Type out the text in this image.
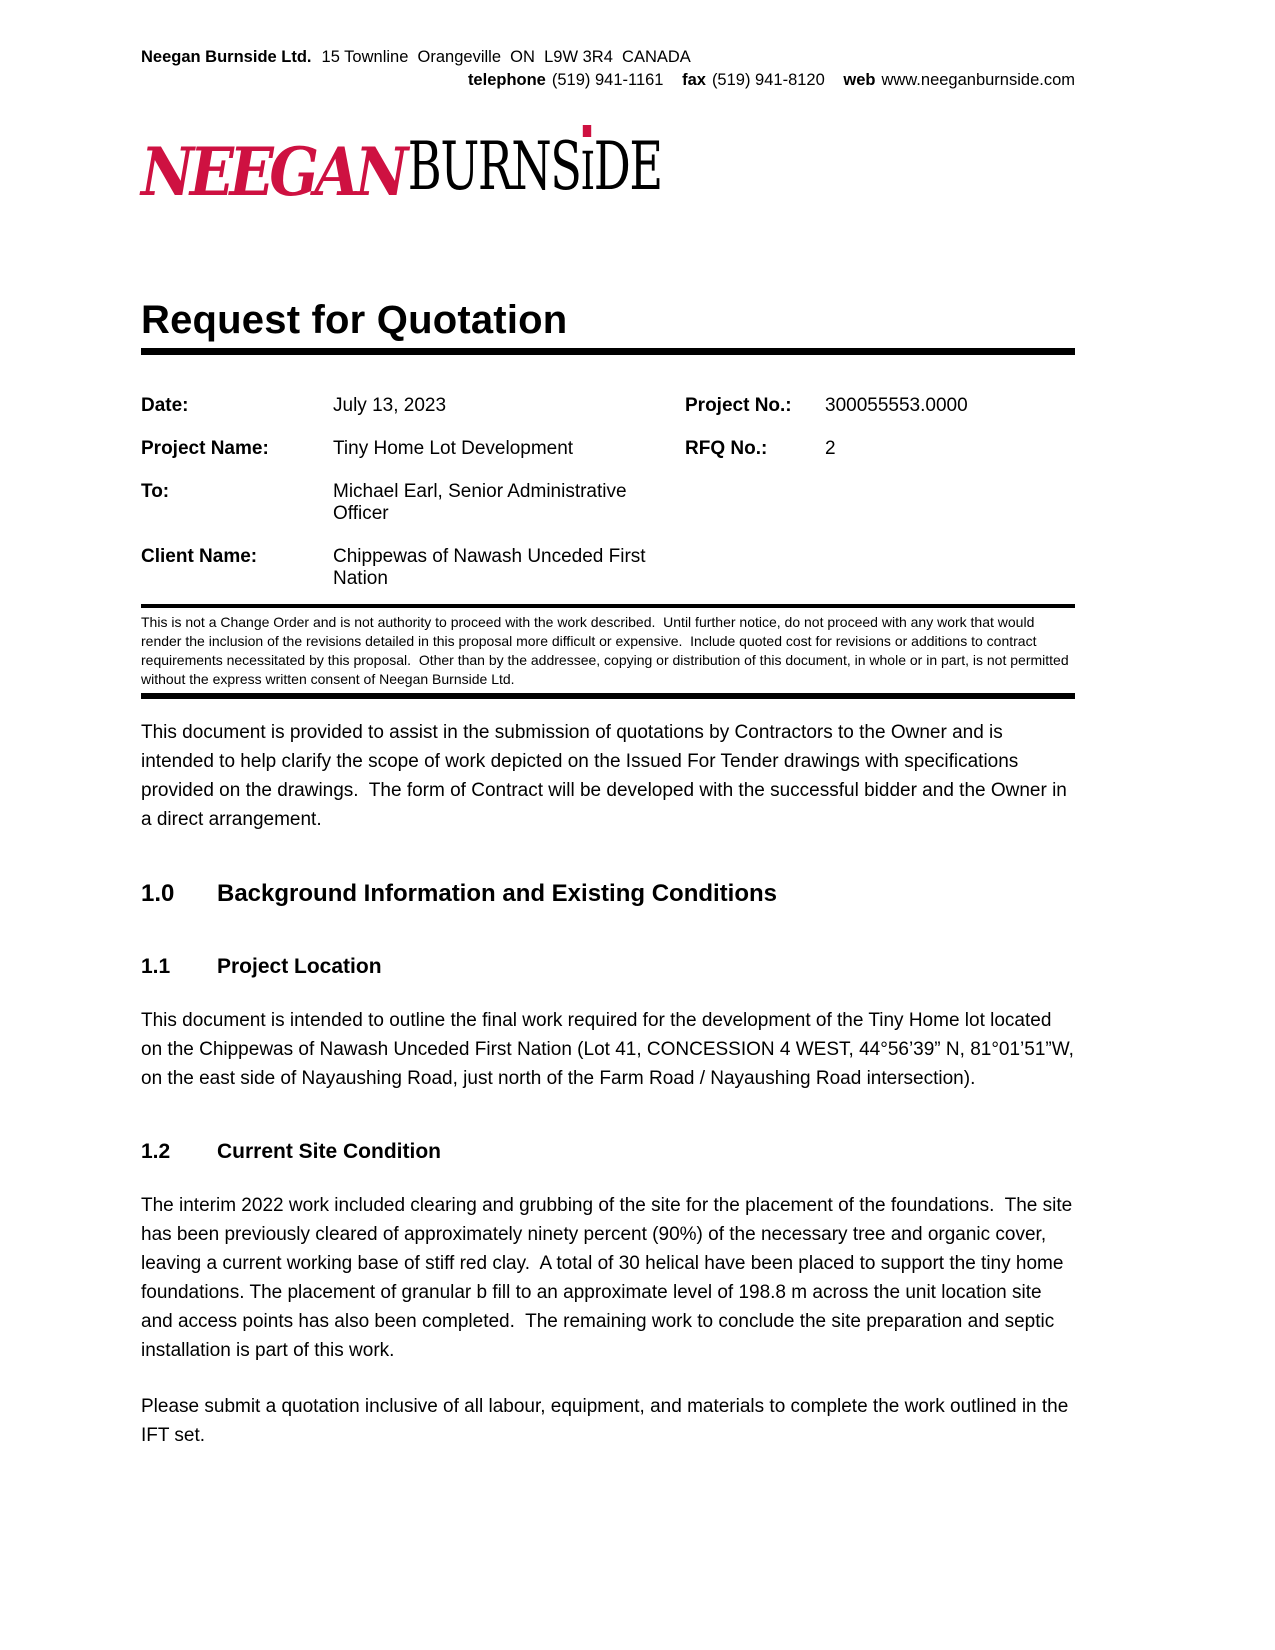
Neegan Burnside Ltd. 15 Townline  Orangeville  ON  L9W 3R4  CANADA
telephone (519) 941-1161 fax (519) 941-8120 web www.neeganburnside.com
NEEGANBURNS
IDE
Request for Quotation
Date:	July 13, 2023	Project No.:	300055553.0000
Project Name:	Tiny Home Lot Development	RFQ No.:	2
To:	Michael Earl, Senior Administrative Officer
Client Name:	Chippewas of Nawash Unceded First Nation

This is not a Change Order and is not authority to proceed with the work described.  Until further notice, do not proceed with any work that would render the inclusion of the revisions detailed in this proposal more difficult or expensive.  Include quoted cost for revisions or additions to contract requirements necessitated by this proposal.  Other than by the addressee, copying or distribution of this document, in whole or in part, is not permitted without the express written consent of Neegan Burnside Ltd.

This document is provided to assist in the submission of quotations by Contractors to the Owner and is intended to help clarify the scope of work depicted on the Issued For Tender drawings with specifications provided on the drawings.  The form of Contract will be developed with the successful bidder and the Owner in a direct arrangement.

1.0	Background Information and Existing Conditions
1.1	Project Location

This document is intended to outline the final work required for the development of the Tiny Home lot located on the Chippewas of Nawash Unceded First Nation (Lot 41, CONCESSION 4 WEST, 44°56’39” N, 81°01’51”W, on the east side of Nayaushing Road, just north of the Farm Road / Nayaushing Road intersection).

1.2	Current Site Condition

The interim 2022 work included clearing and grubbing of the site for the placement of the foundations.  The site has been previously cleared of approximately ninety percent (90%) of the necessary tree and organic cover, leaving a current working base of stiff red clay.  A total of 30 helical have been placed to support the tiny home foundations. The placement of granular b fill to an approximate level of 198.8 m across the unit location site and access points has also been completed.  The remaining work to conclude the site preparation and septic installation is part of this work.

Please submit a quotation inclusive of all labour, equipment, and materials to complete the work outlined in the IFT set.
